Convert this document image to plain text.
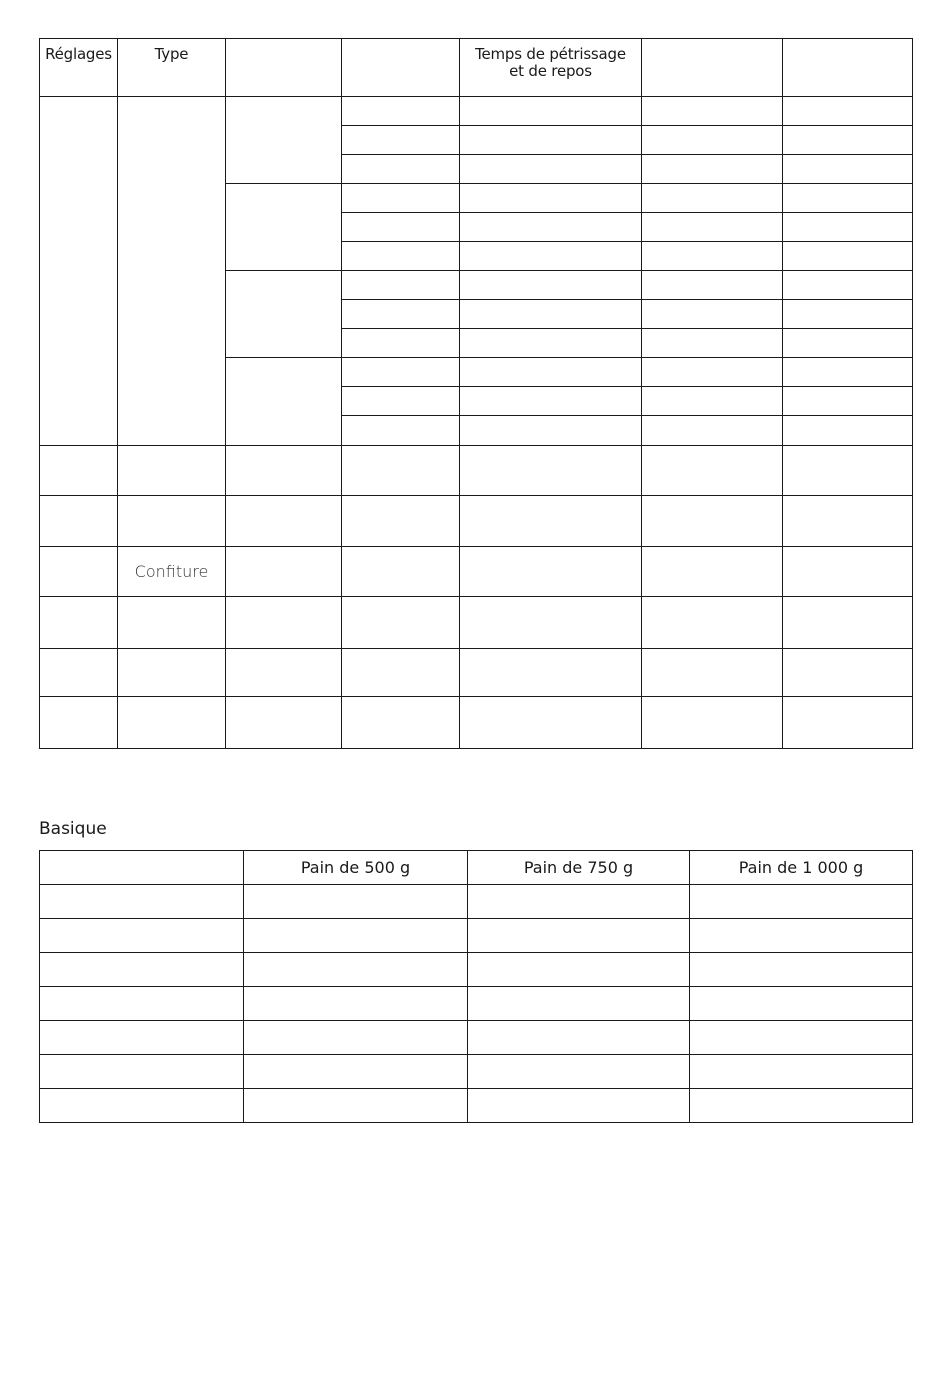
Réglages	Type			Temps de pétrissage
et de repos		

	Confiture					

Basique
	Pain de 500 g	Pain de 750 g	Pain de 1 000 g
